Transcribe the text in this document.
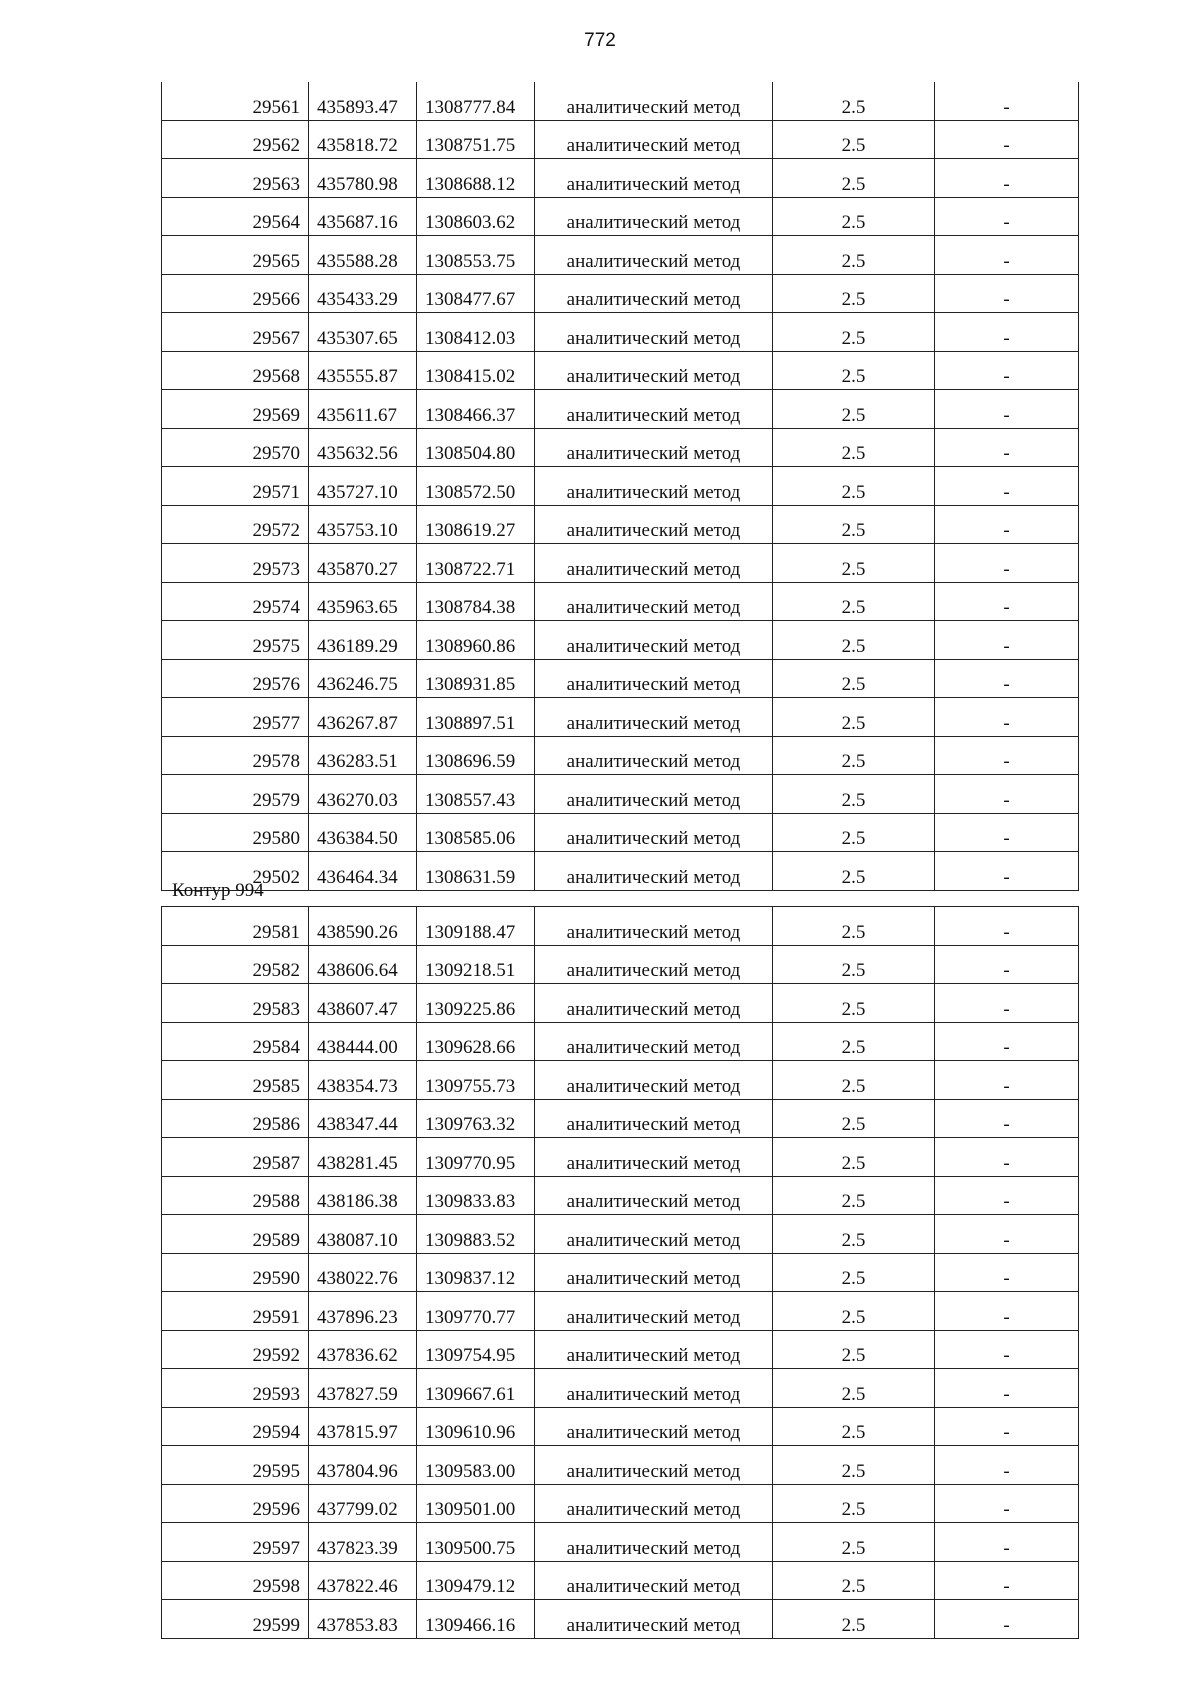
772
29561	435893.47	1308777.84	аналитический метод	2.5	-
29562	435818.72	1308751.75	аналитический метод	2.5	-
29563	435780.98	1308688.12	аналитический метод	2.5	-
29564	435687.16	1308603.62	аналитический метод	2.5	-
29565	435588.28	1308553.75	аналитический метод	2.5	-
29566	435433.29	1308477.67	аналитический метод	2.5	-
29567	435307.65	1308412.03	аналитический метод	2.5	-
29568	435555.87	1308415.02	аналитический метод	2.5	-
29569	435611.67	1308466.37	аналитический метод	2.5	-
29570	435632.56	1308504.80	аналитический метод	2.5	-
29571	435727.10	1308572.50	аналитический метод	2.5	-
29572	435753.10	1308619.27	аналитический метод	2.5	-
29573	435870.27	1308722.71	аналитический метод	2.5	-
29574	435963.65	1308784.38	аналитический метод	2.5	-
29575	436189.29	1308960.86	аналитический метод	2.5	-
29576	436246.75	1308931.85	аналитический метод	2.5	-
29577	436267.87	1308897.51	аналитический метод	2.5	-
29578	436283.51	1308696.59	аналитический метод	2.5	-
29579	436270.03	1308557.43	аналитический метод	2.5	-
29580	436384.50	1308585.06	аналитический метод	2.5	-
29502	436464.34	1308631.59	аналитический метод	2.5	-
Контур 994
29581	438590.26	1309188.47	аналитический метод	2.5	-
29582	438606.64	1309218.51	аналитический метод	2.5	-
29583	438607.47	1309225.86	аналитический метод	2.5	-
29584	438444.00	1309628.66	аналитический метод	2.5	-
29585	438354.73	1309755.73	аналитический метод	2.5	-
29586	438347.44	1309763.32	аналитический метод	2.5	-
29587	438281.45	1309770.95	аналитический метод	2.5	-
29588	438186.38	1309833.83	аналитический метод	2.5	-
29589	438087.10	1309883.52	аналитический метод	2.5	-
29590	438022.76	1309837.12	аналитический метод	2.5	-
29591	437896.23	1309770.77	аналитический метод	2.5	-
29592	437836.62	1309754.95	аналитический метод	2.5	-
29593	437827.59	1309667.61	аналитический метод	2.5	-
29594	437815.97	1309610.96	аналитический метод	2.5	-
29595	437804.96	1309583.00	аналитический метод	2.5	-
29596	437799.02	1309501.00	аналитический метод	2.5	-
29597	437823.39	1309500.75	аналитический метод	2.5	-
29598	437822.46	1309479.12	аналитический метод	2.5	-
29599	437853.83	1309466.16	аналитический метод	2.5	-
